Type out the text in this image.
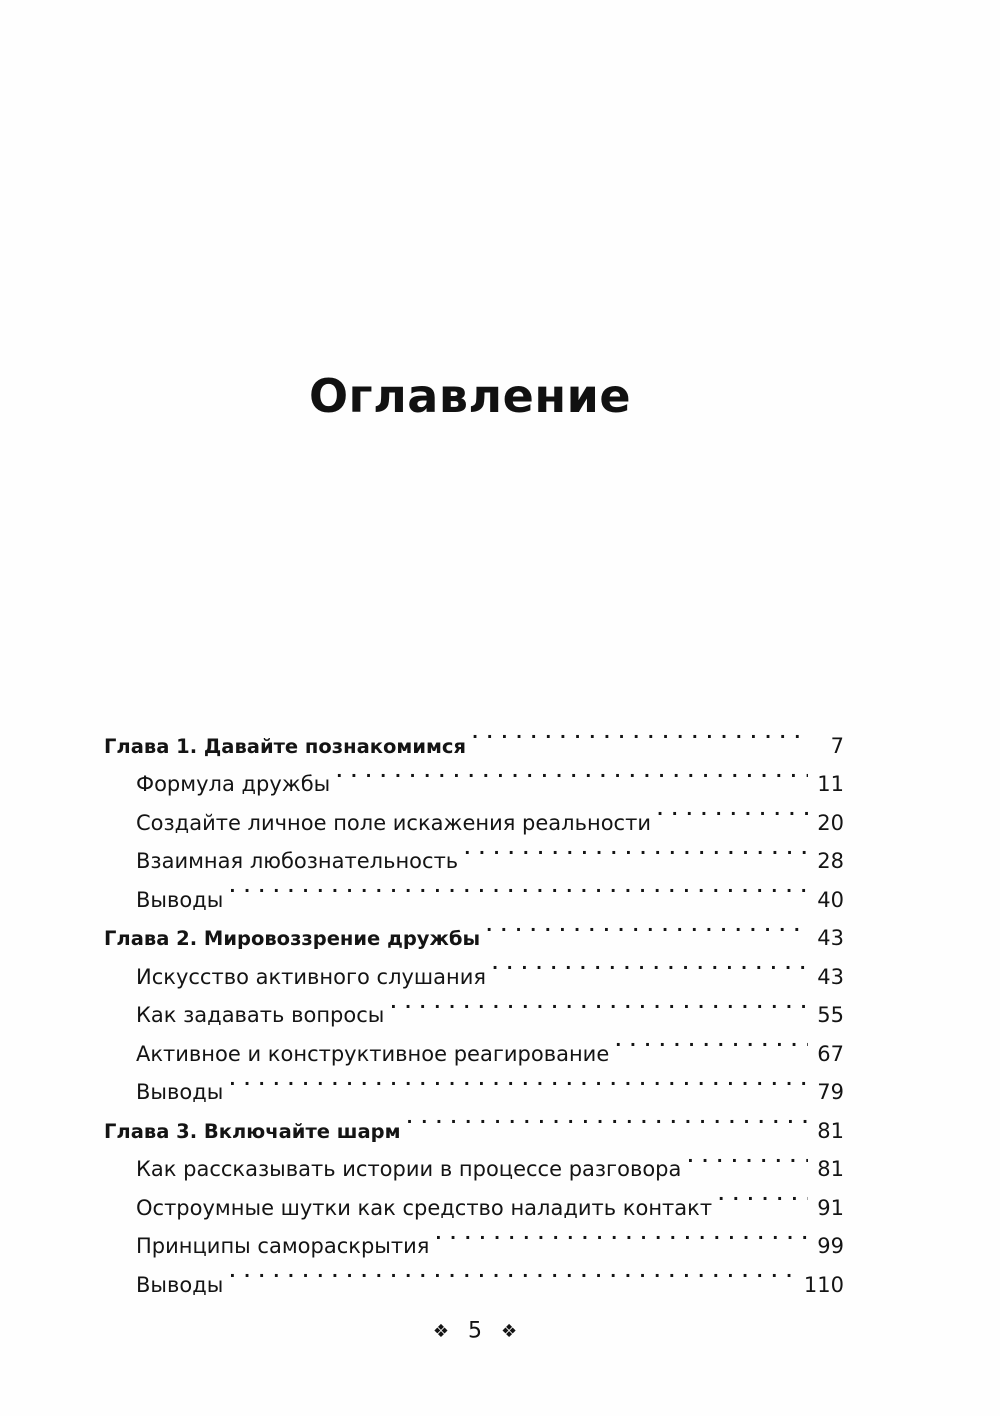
Оглавление
Глава 1. Давайте познакомимся . . .	7
Формула дружбы . . .	11
Создайте личное поле искажения реальности . . .	20
Взаимная любознательность . . .	28
Выводы . . .	40
Глава 2. Мировоззрение дружбы . . .	43
Искусство активного слушания . . .	43
Как задавать вопросы . . .	55
Активное и конструктивное реагирование . . .	67
Выводы . . .	79
Глава 3. Включайте шарм . . .	81
Как рассказывать истории в процессе разговора . . .	81
Остроумные шутки как средство наладить контакт . . .	91
Принципы самораскрытия . . .	99
Выводы . . .	110
❖ 5 ❖
